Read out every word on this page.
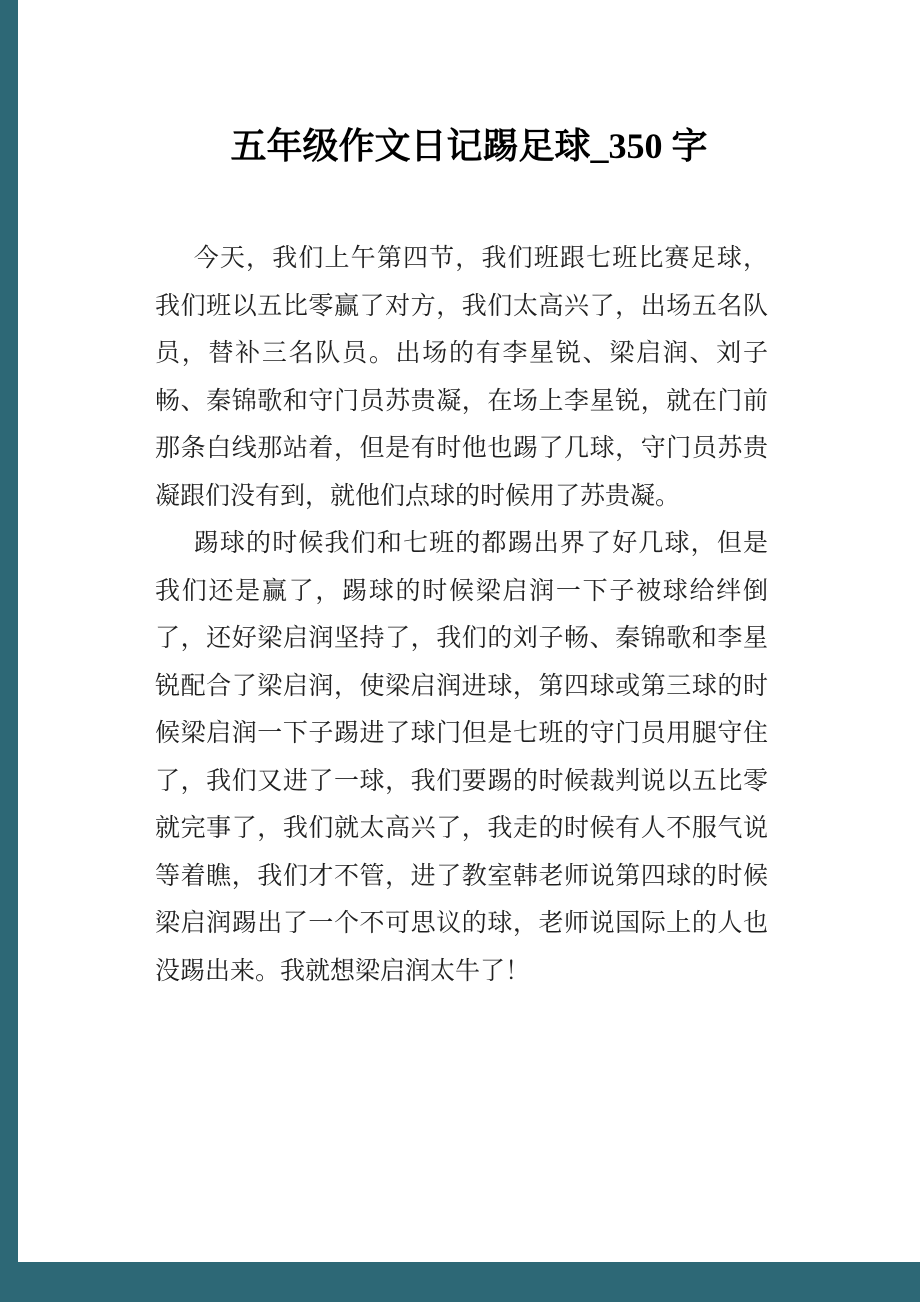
五年级作文日记踢足球_350 字

今天，我们上午第四节，我们班跟七班比赛足球，我们班以五比零赢了对方，我们太高兴了，出场五名队员，替补三名队员。出场的有李星锐、梁启润、刘子畅、秦锦歌和守门员苏贵凝，在场上李星锐，就在门前那条白线那站着，但是有时他也踢了几球，守门员苏贵凝跟们没有到，就他们点球的时候用了苏贵凝。

踢球的时候我们和七班的都踢出界了好几球，但是我们还是赢了，踢球的时候梁启润一下子被球给绊倒了，还好梁启润坚持了，我们的刘子畅、秦锦歌和李星锐配合了梁启润，使梁启润进球，第四球或第三球的时候梁启润一下子踢进了球门但是七班的守门员用腿守住了，我们又进了一球，我们要踢的时候裁判说以五比零就完事了，我们就太高兴了，我走的时候有人不服气说等着瞧，我们才不管，进了教室韩老师说第四球的时候梁启润踢出了一个不可思议的球，老师说国际上的人也没踢出来。我就想梁启润太牛了！
